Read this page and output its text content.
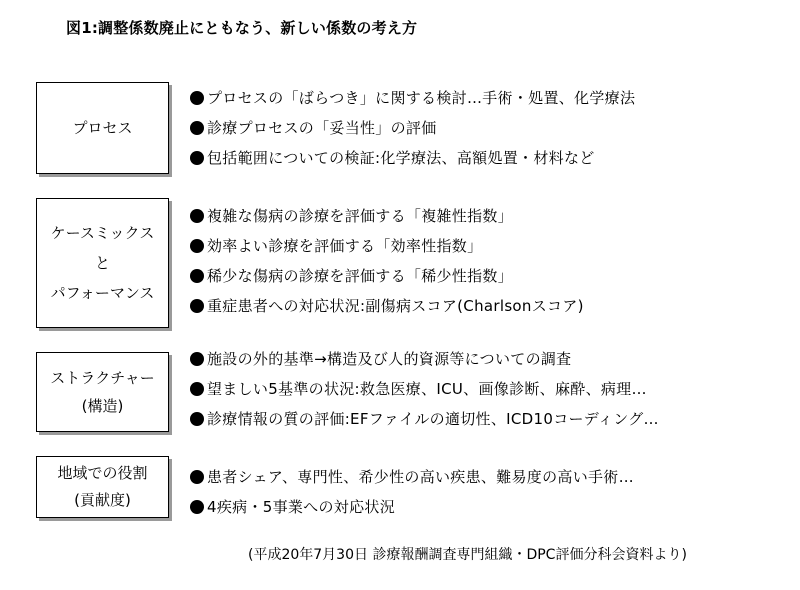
図1:調整係数廃止にともなう、新しい係数の考え方
プロセス
プロセスの「ばらつき」に関する検討…手術・処置、化学療法
診療プロセスの「妥当性」の評価
包括範囲についての検証:化学療法、高額処置・材料など
ケースミックス
と
パフォーマンス
複雑な傷病の診療を評価する「複雑性指数」
効率よい診療を評価する「効率性指数」
稀少な傷病の診療を評価する「稀少性指数」
重症患者への対応状況:副傷病スコア(Charlsonスコア)
ストラクチャー
(構造)
施設の外的基準→構造及び人的資源等についての調査
望ましい5基準の状況:救急医療、ICU、画像診断、麻酔、病理…
診療情報の質の評価:EFファイルの適切性、ICD10コーディング…
地域での役割
(貢献度)
患者シェア、専門性、希少性の高い疾患、難易度の高い手術…
4疾病・5事業への対応状況
(平成20年7月30日 診療報酬調査専門組織・DPC評価分科会資料より)
